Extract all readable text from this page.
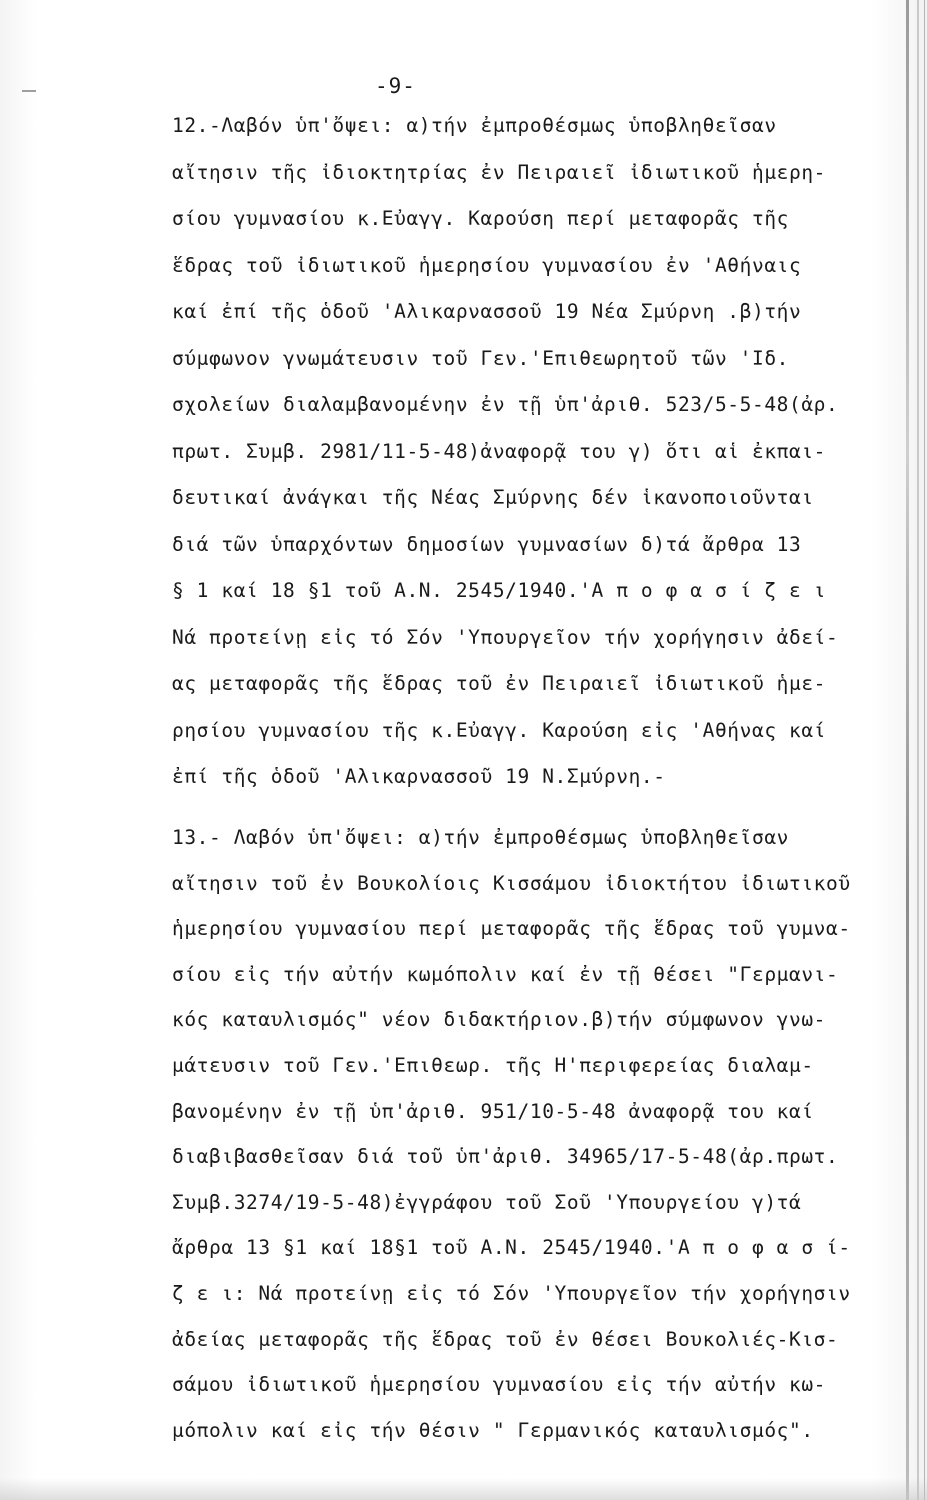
-9-
12.-Λαβόν ὑπ'ὄψει: α)τήν ἐμπροθέσμως ὑποβληθεῖσαν
αἴτησιν τῆς ἰδιοκτητρίας ἐν Πειραιεῖ ἰδιωτικοῦ ἡμερη-
σίου γυμνασίου κ.Εὐαγγ. Καρούση περί μεταφορᾶς τῆς
ἕδρας τοῦ ἰδιωτικοῦ ἡμερησίου γυμνασίου ἐν 'Αθήναις
καί ἐπί τῆς ὁδοῦ 'Αλικαρνασσοῦ 19 Νέα Σμύρνη .β)τήν
σύμφωνον γνωμάτευσιν τοῦ Γεν.'Επιθεωρητοῦ τῶν 'Ιδ.
σχολείων διαλαμβανομένην ἐν τῇ ὑπ'ἀριθ. 523/5-5-48(ἀρ.
πρωτ. Συμβ. 2981/11-5-48)ἀναφορᾷ του γ) ὅτι αἱ ἐκπαι-
δευτικαί ἀνάγκαι τῆς Νέας Σμύρνης δέν ἱκανοποιοῦνται
διά τῶν ὑπαρχόντων δημοσίων γυμνασίων δ)τά ἄρθρα 13
§ 1 καί 18 §1 τοῦ Α.Ν. 2545/1940.'Α π ο φ α σ ί ζ ε ι
Νά προτείνῃ εἰς τό Σόν 'Υπουργεῖον τήν χορήγησιν ἀδεί-
ας μεταφορᾶς τῆς ἕδρας τοῦ ἐν Πειραιεῖ ἰδιωτικοῦ ἡμε-
ρησίου γυμνασίου τῆς κ.Εὐαγγ. Καρούση εἰς 'Αθήνας καί
ἐπί τῆς ὁδοῦ 'Αλικαρνασσοῦ 19 Ν.Σμύρνη.-
13.- Λαβόν ὑπ'ὄψει: α)τήν ἐμπροθέσμως ὑποβληθεῖσαν
αἴτησιν τοῦ ἐν Βουκολίοις Κισσάμου ἰδιοκτήτου ἰδιωτικοῦ
ἡμερησίου γυμνασίου περί μεταφορᾶς τῆς ἕδρας τοῦ γυμνα-
σίου εἰς τήν αὐτήν κωμόπολιν καί ἐν τῇ θέσει "Γερμανι-
κός καταυλισμός" νέον διδακτήριον.β)τήν σύμφωνον γνω-
μάτευσιν τοῦ Γεν.'Επιθεωρ. τῆς Η'περιφερείας διαλαμ-
βανομένην ἐν τῇ ὑπ'ἀριθ. 951/10-5-48 ἀναφορᾷ του καί
διαβιβασθεῖσαν διά τοῦ ὑπ'ἀριθ. 34965/17-5-48(ἀρ.πρωτ.
Συμβ.3274/19-5-48)ἐγγράφου τοῦ Σοῦ 'Υπουργείου γ)τά
ἄρθρα 13 §1 καί 18§1 τοῦ Α.Ν. 2545/1940.'Α π ο φ α σ ί-
ζ ε ι: Νά προτείνῃ εἰς τό Σόν 'Υπουργεῖον τήν χορήγησιν
ἀδείας μεταφορᾶς τῆς ἕδρας τοῦ ἐν θέσει Βουκολιές-Κισ-
σάμου ἰδιωτικοῦ ἡμερησίου γυμνασίου εἰς τήν αὐτήν κω-
μόπολιν καί εἰς τήν θέσιν " Γερμανικός καταυλισμός".
